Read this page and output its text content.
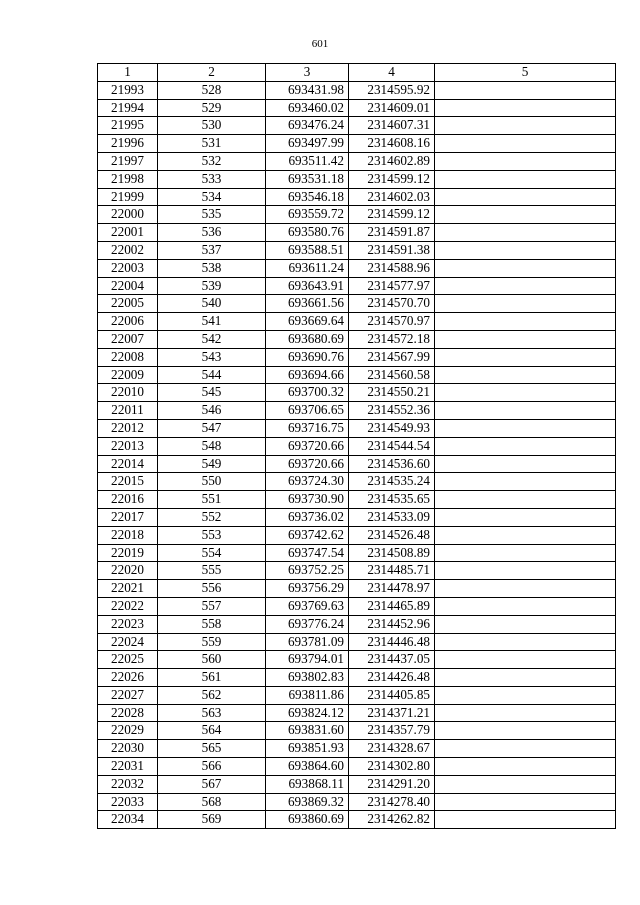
601
1	2	3	4	5
21993	528	693431.98	2314595.92	
21994	529	693460.02	2314609.01	
21995	530	693476.24	2314607.31	
21996	531	693497.99	2314608.16	
21997	532	693511.42	2314602.89	
21998	533	693531.18	2314599.12	
21999	534	693546.18	2314602.03	
22000	535	693559.72	2314599.12	
22001	536	693580.76	2314591.87	
22002	537	693588.51	2314591.38	
22003	538	693611.24	2314588.96	
22004	539	693643.91	2314577.97	
22005	540	693661.56	2314570.70	
22006	541	693669.64	2314570.97	
22007	542	693680.69	2314572.18	
22008	543	693690.76	2314567.99	
22009	544	693694.66	2314560.58	
22010	545	693700.32	2314550.21	
22011	546	693706.65	2314552.36	
22012	547	693716.75	2314549.93	
22013	548	693720.66	2314544.54	
22014	549	693720.66	2314536.60	
22015	550	693724.30	2314535.24	
22016	551	693730.90	2314535.65	
22017	552	693736.02	2314533.09	
22018	553	693742.62	2314526.48	
22019	554	693747.54	2314508.89	
22020	555	693752.25	2314485.71	
22021	556	693756.29	2314478.97	
22022	557	693769.63	2314465.89	
22023	558	693776.24	2314452.96	
22024	559	693781.09	2314446.48	
22025	560	693794.01	2314437.05	
22026	561	693802.83	2314426.48	
22027	562	693811.86	2314405.85	
22028	563	693824.12	2314371.21	
22029	564	693831.60	2314357.79	
22030	565	693851.93	2314328.67	
22031	566	693864.60	2314302.80	
22032	567	693868.11	2314291.20	
22033	568	693869.32	2314278.40	
22034	569	693860.69	2314262.82	
